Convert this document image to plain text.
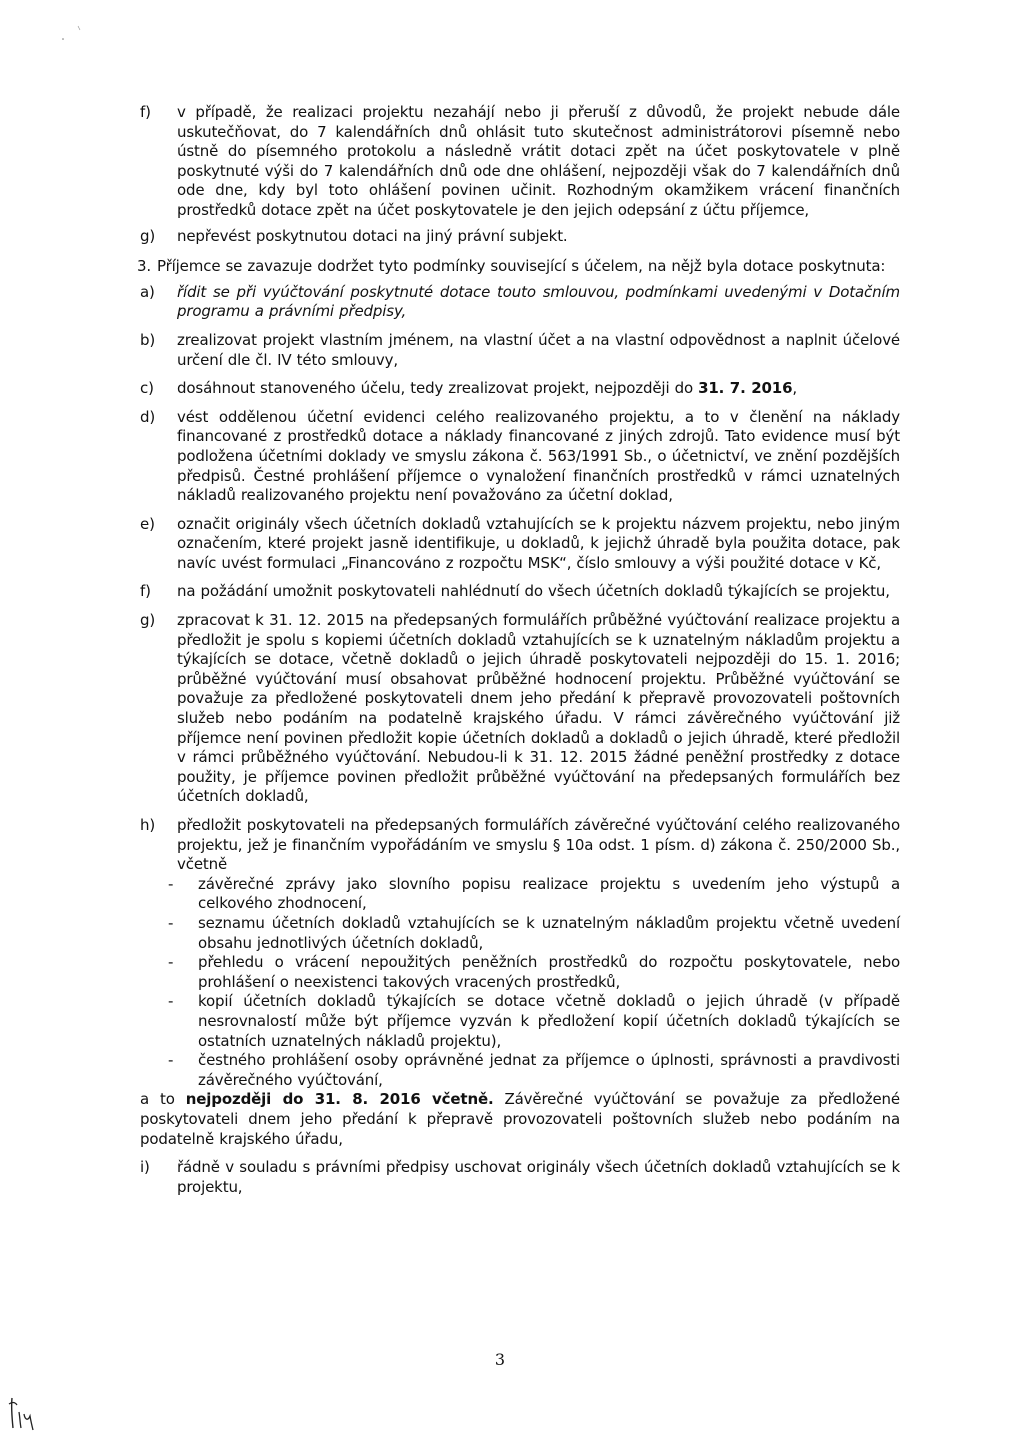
f)	v případě, že realizaci projektu nezahájí nebo ji přeruší z důvodů, že projekt nebude dále uskutečňovat, do 7 kalendářních dnů ohlásit tuto skutečnost administrátorovi písemně nebo ústně do písemného protokolu a následně vrátit dotaci zpět na účet poskytovatele v plně poskytnuté výši do 7 kalendářních dnů ode dne ohlášení, nejpozději však do 7 kalendářních dnů ode dne, kdy byl toto ohlášení povinen učinit. Rozhodným okamžikem vrácení finančních prostředků dotace zpět na účet poskytovatele je den jejich odepsání z účtu příjemce,

g)	nepřevést poskytnutou dotaci na jiný právní subjekt.

3. Příjemce se zavazuje dodržet tyto podmínky související s účelem, na nějž byla dotace poskytnuta:

a)	řídit se při vyúčtování poskytnuté dotace touto smlouvou, podmínkami uvedenými v Dotačním programu a právními předpisy,

b)	zrealizovat projekt vlastním jménem, na vlastní účet a na vlastní odpovědnost a naplnit účelové určení dle čl. IV této smlouvy,

c)	dosáhnout stanoveného účelu, tedy zrealizovat projekt, nejpozději do 31. 7. 2016,

d)	vést oddělenou účetní evidenci celého realizovaného projektu, a to v členění na náklady financované z prostředků dotace a náklady financované z jiných zdrojů. Tato evidence musí být podložena účetními doklady ve smyslu zákona č. 563/1991 Sb., o účetnictví, ve znění pozdějších předpisů. Čestné prohlášení příjemce o vynaložení finančních prostředků v rámci uznatelných nákladů realizovaného projektu není považováno za účetní doklad,

e)	označit originály všech účetních dokladů vztahujících se k projektu názvem projektu, nebo jiným označením, které projekt jasně identifikuje, u dokladů, k jejichž úhradě byla použita dotace, pak navíc uvést formulaci „Financováno z rozpočtu MSK“, číslo smlouvy a výši použité dotace v Kč,

f)	na požádání umožnit poskytovateli nahlédnutí do všech účetních dokladů týkajících se projektu,

g)	zpracovat k 31. 12. 2015 na předepsaných formulářích průběžné vyúčtování realizace projektu a předložit je spolu s kopiemi účetních dokladů vztahujících se k uznatelným nákladům projektu a týkajících se dotace, včetně dokladů o jejich úhradě poskytovateli nejpozději do 15. 1. 2016; průběžné vyúčtování musí obsahovat průběžné hodnocení projektu. Průběžné vyúčtování se považuje za předložené poskytovateli dnem jeho předání k přepravě provozovateli poštovních služeb nebo podáním na podatelně krajského úřadu. V rámci závěrečného vyúčtování již příjemce není povinen předložit kopie účetních dokladů a dokladů o jejich úhradě, které předložil v rámci průběžného vyúčtování. Nebudou-li k 31. 12. 2015 žádné peněžní prostředky z dotace použity, je příjemce povinen předložit průběžné vyúčtování na předepsaných formulářích bez účetních dokladů,

h)	předložit poskytovateli na předepsaných formulářích závěrečné vyúčtování celého realizovaného projektu, jež je finančním vypořádáním ve smyslu § 10a odst. 1 písm. d) zákona č. 250/2000 Sb., včetně

-	závěrečné zprávy jako slovního popisu realizace projektu s uvedením jeho výstupů a celkového zhodnocení,

-	seznamu účetních dokladů vztahujících se k uznatelným nákladům projektu včetně uvedení obsahu jednotlivých účetních dokladů,

-	přehledu o vrácení nepoužitých peněžních prostředků do rozpočtu poskytovatele, nebo prohlášení o neexistenci takových vracených prostředků,

-	kopií účetních dokladů týkajících se dotace včetně dokladů o jejich úhradě (v případě nesrovnalostí může být příjemce vyzván k předložení kopií účetních dokladů týkajících se ostatních uznatelných nákladů projektu),

-	čestného prohlášení osoby oprávněné jednat za příjemce o úplnosti, správnosti a pravdivosti závěrečného vyúčtování,

a to nejpozději do 31. 8. 2016 včetně. Závěrečné vyúčtování se považuje za předložené poskytovateli dnem jeho předání k přepravě provozovateli poštovních služeb nebo podáním na podatelně krajského úřadu,

i)	řádně v souladu s právními předpisy uschovat originály všech účetních dokladů vztahujících se k projektu,

3
